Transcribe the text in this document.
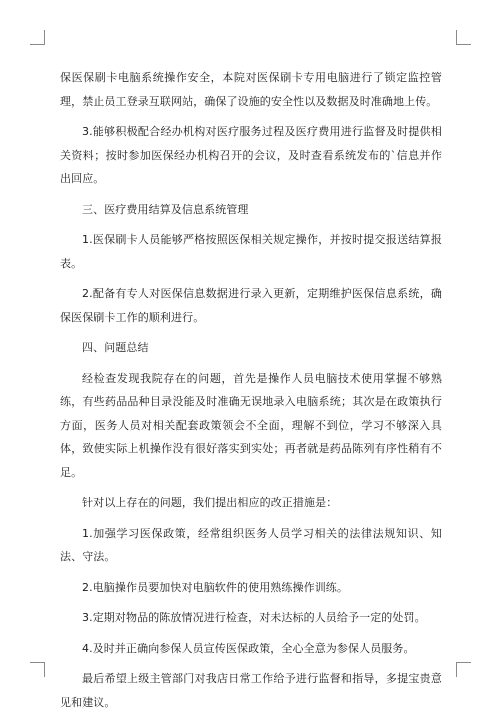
保医保刷卡电脑系统操作安全，本院对医保刷卡专用电脑进行了锁定监控管理，禁止员工登录互联网站，确保了设施的安全性以及数据及时准确地上传。

3.能够积极配合经办机构对医疗服务过程及医疗费用进行监督及时提供相关资料；按时参加医保经办机构召开的会议，及时查看系统发布的`信息并作出回应。

三、医疗费用结算及信息系统管理

1.医保刷卡人员能够严格按照医保相关规定操作，并按时提交报送结算报表。

2.配备有专人对医保信息数据进行录入更新，定期维护医保信息系统，确保医保刷卡工作的顺利进行。

四、问题总结

经检查发现我院存在的问题，首先是操作人员电脑技术使用掌握不够熟练，有些药品品种目录没能及时准确无误地录入电脑系统；其次是在政策执行方面，医务人员对相关配套政策领会不全面，理解不到位，学习不够深入具体，致使实际上机操作没有很好落实到实处；再者就是药品陈列有序性稍有不足。

针对以上存在的问题，我们提出相应的改正措施是：

1.加强学习医保政策，经常组织医务人员学习相关的法律法规知识、知法、守法。

2.电脑操作员要加快对电脑软件的使用熟练操作训练。

3.定期对物品的陈放情况进行检查，对未达标的人员给予一定的处罚。

4.及时并正确向参保人员宣传医保政策，全心全意为参保人员服务。

最后希望上级主管部门对我店日常工作给予进行监督和指导，多提宝贵意见和建议。
